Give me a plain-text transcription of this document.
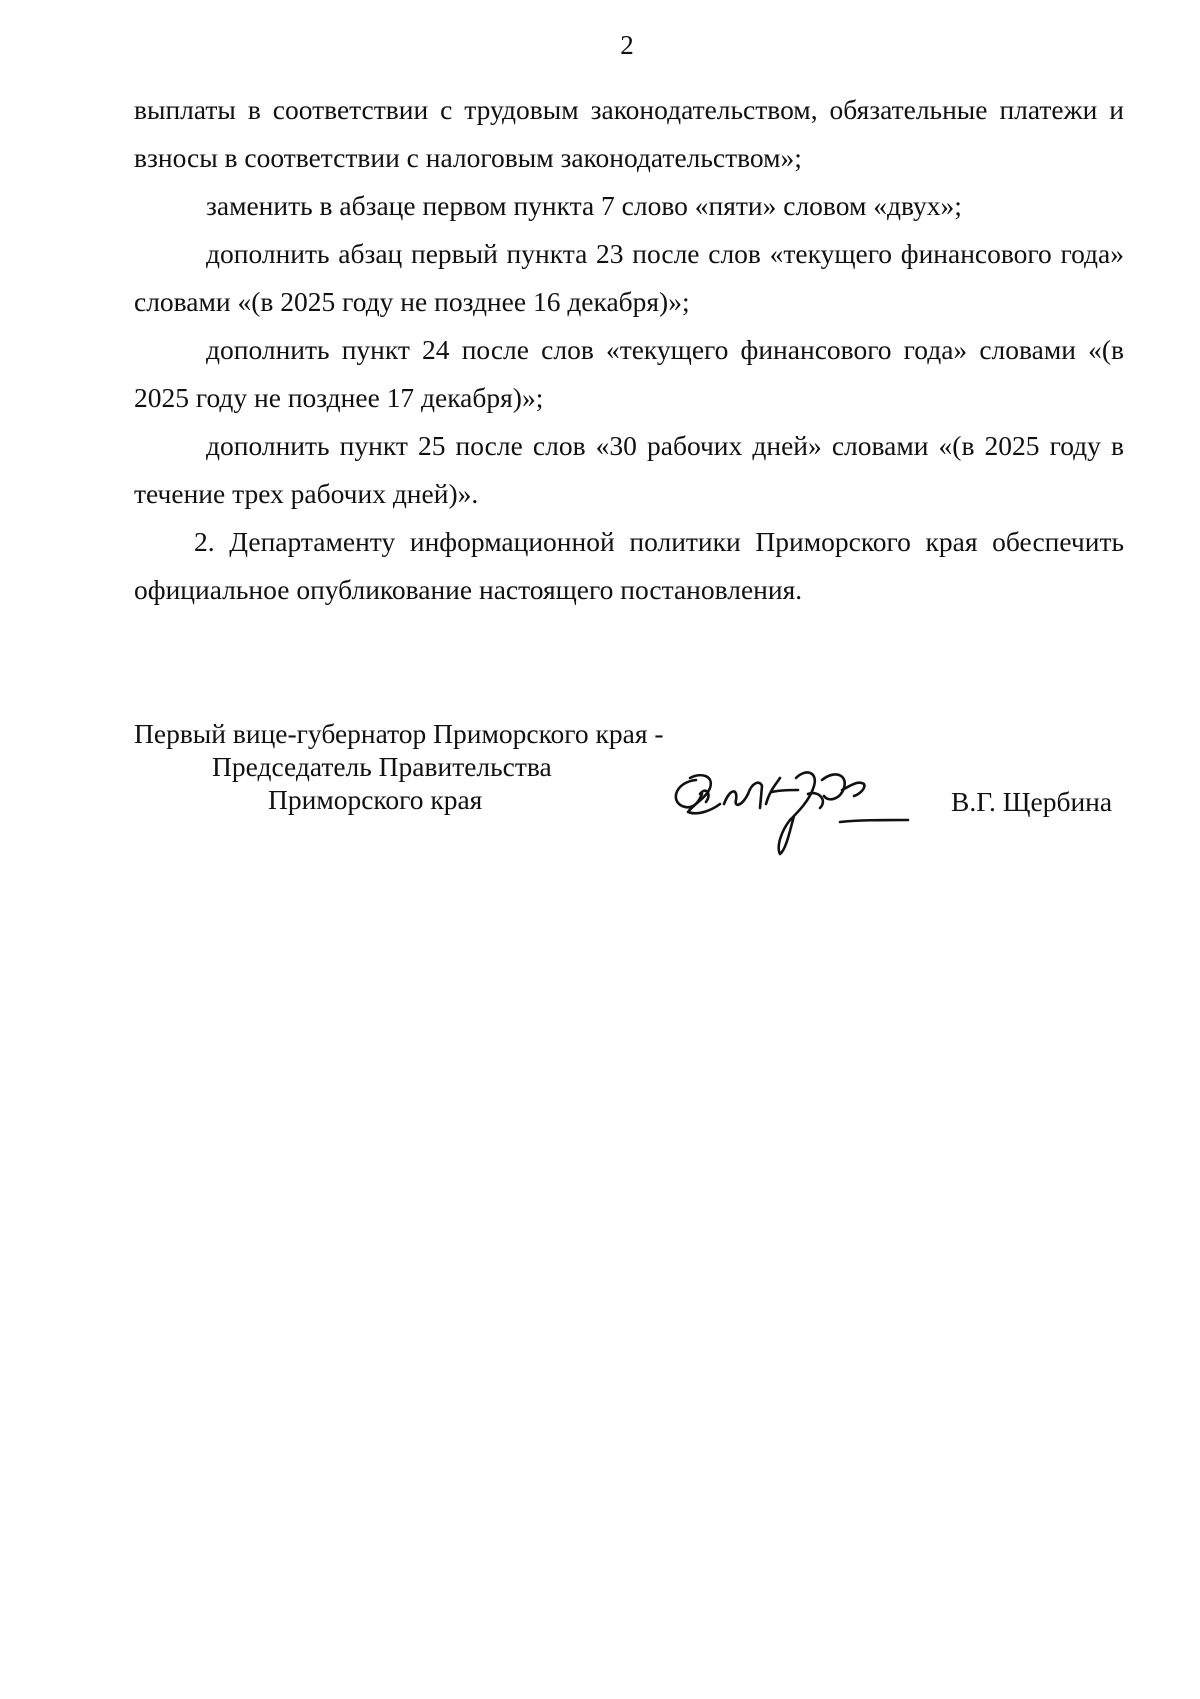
2

выплаты в соответствии с трудовым законодательством, обязательные платежи и взносы в соответствии с налоговым законодательством»;

заменить в абзаце первом пункта 7 слово «пяти» словом «двух»;

дополнить абзац первый пункта 23 после слов «текущего финансового года» словами «(в 2025 году не позднее 16 декабря)»;

дополнить пункт 24 после слов «текущего финансового года» словами «(в 2025 году не позднее 17 декабря)»;

дополнить пункт 25 после слов «30 рабочих дней» словами «(в 2025 году в течение трех рабочих дней)».

2. Департаменту информационной политики Приморского края обеспечить официальное опубликование настоящего постановления.

Первый вице-губернатор Приморского края -
Председатель Правительства
Приморского края	В.Г. Щербина
